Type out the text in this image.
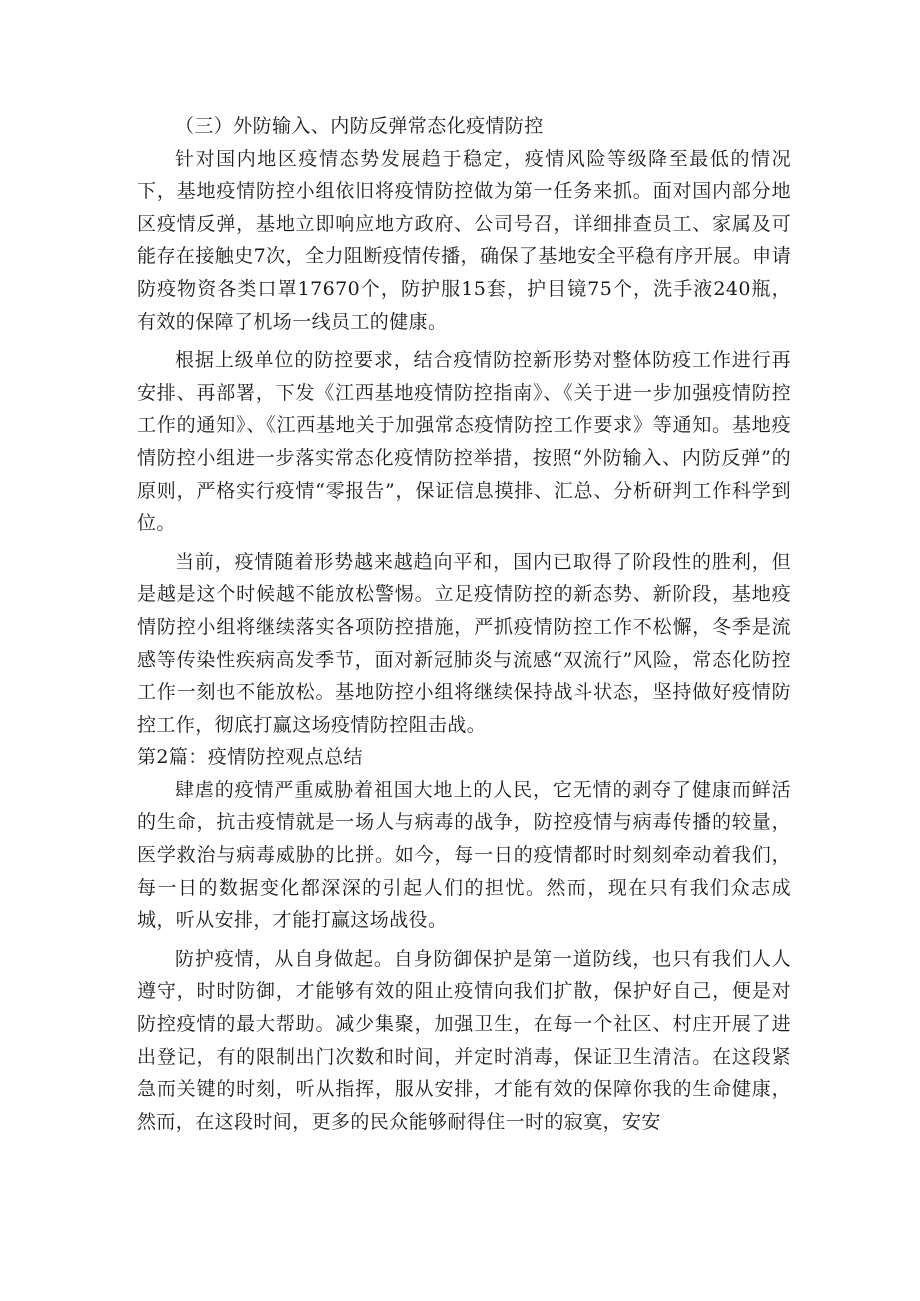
（三）外防输入、内防反弹常态化疫情防控

针对国内地区疫情态势发展趋于稳定，疫情风险等级降至最低的情况下，基地疫情防控小组依旧将疫情防控做为第一任务来抓。面对国内部分地区疫情反弹，基地立即响应地方政府、公司号召，详细排查员工、家属及可能存在接触史7次，全力阻断疫情传播，确保了基地安全平稳有序开展。申请防疫物资各类口罩17670个，防护服15套，护目镜75个，洗手液240瓶，有效的保障了机场一线员工的健康。

根据上级单位的防控要求，结合疫情防控新形势对整体防疫工作进行再安排、再部署，下发《江西基地疫情防控指南》、《关于进一步加强疫情防控工作的通知》、《江西基地关于加强常态疫情防控工作要求》等通知。基地疫情防控小组进一步落实常态化疫情防控举措，按照“外防输入、内防反弹”的原则，严格实行疫情“零报告”，保证信息摸排、汇总、分析研判工作科学到位。

当前，疫情随着形势越来越趋向平和，国内已取得了阶段性的胜利，但是越是这个时候越不能放松警惕。立足疫情防控的新态势、新阶段，基地疫情防控小组将继续落实各项防控措施，严抓疫情防控工作不松懈，冬季是流感等传染性疾病高发季节，面对新冠肺炎与流感“双流行”风险，常态化防控工作一刻也不能放松。基地防控小组将继续保持战斗状态，坚持做好疫情防控工作，彻底打赢这场疫情防控阻击战。

第2篇：疫情防控观点总结

肆虐的疫情严重威胁着祖国大地上的人民，它无情的剥夺了健康而鲜活的生命，抗击疫情就是一场人与病毒的战争，防控疫情与病毒传播的较量，医学救治与病毒威胁的比拼。如今，每一日的疫情都时时刻刻牵动着我们，每一日的数据变化都深深的引起人们的担忧。然而，现在只有我们众志成城，听从安排，才能打赢这场战役。

防护疫情，从自身做起。自身防御保护是第一道防线，也只有我们人人遵守，时时防御，才能够有效的阻止疫情向我们扩散，保护好自己，便是对防控疫情的最大帮助。减少集聚，加强卫生，在每一个社区、村庄开展了进出登记，有的限制出门次数和时间，并定时消毒，保证卫生清洁。在这段紧急而关键的时刻，听从指挥，服从安排，才能有效的保障你我的生命健康，然而，在这段时间，更多的民众能够耐得住一时的寂寞，安安
